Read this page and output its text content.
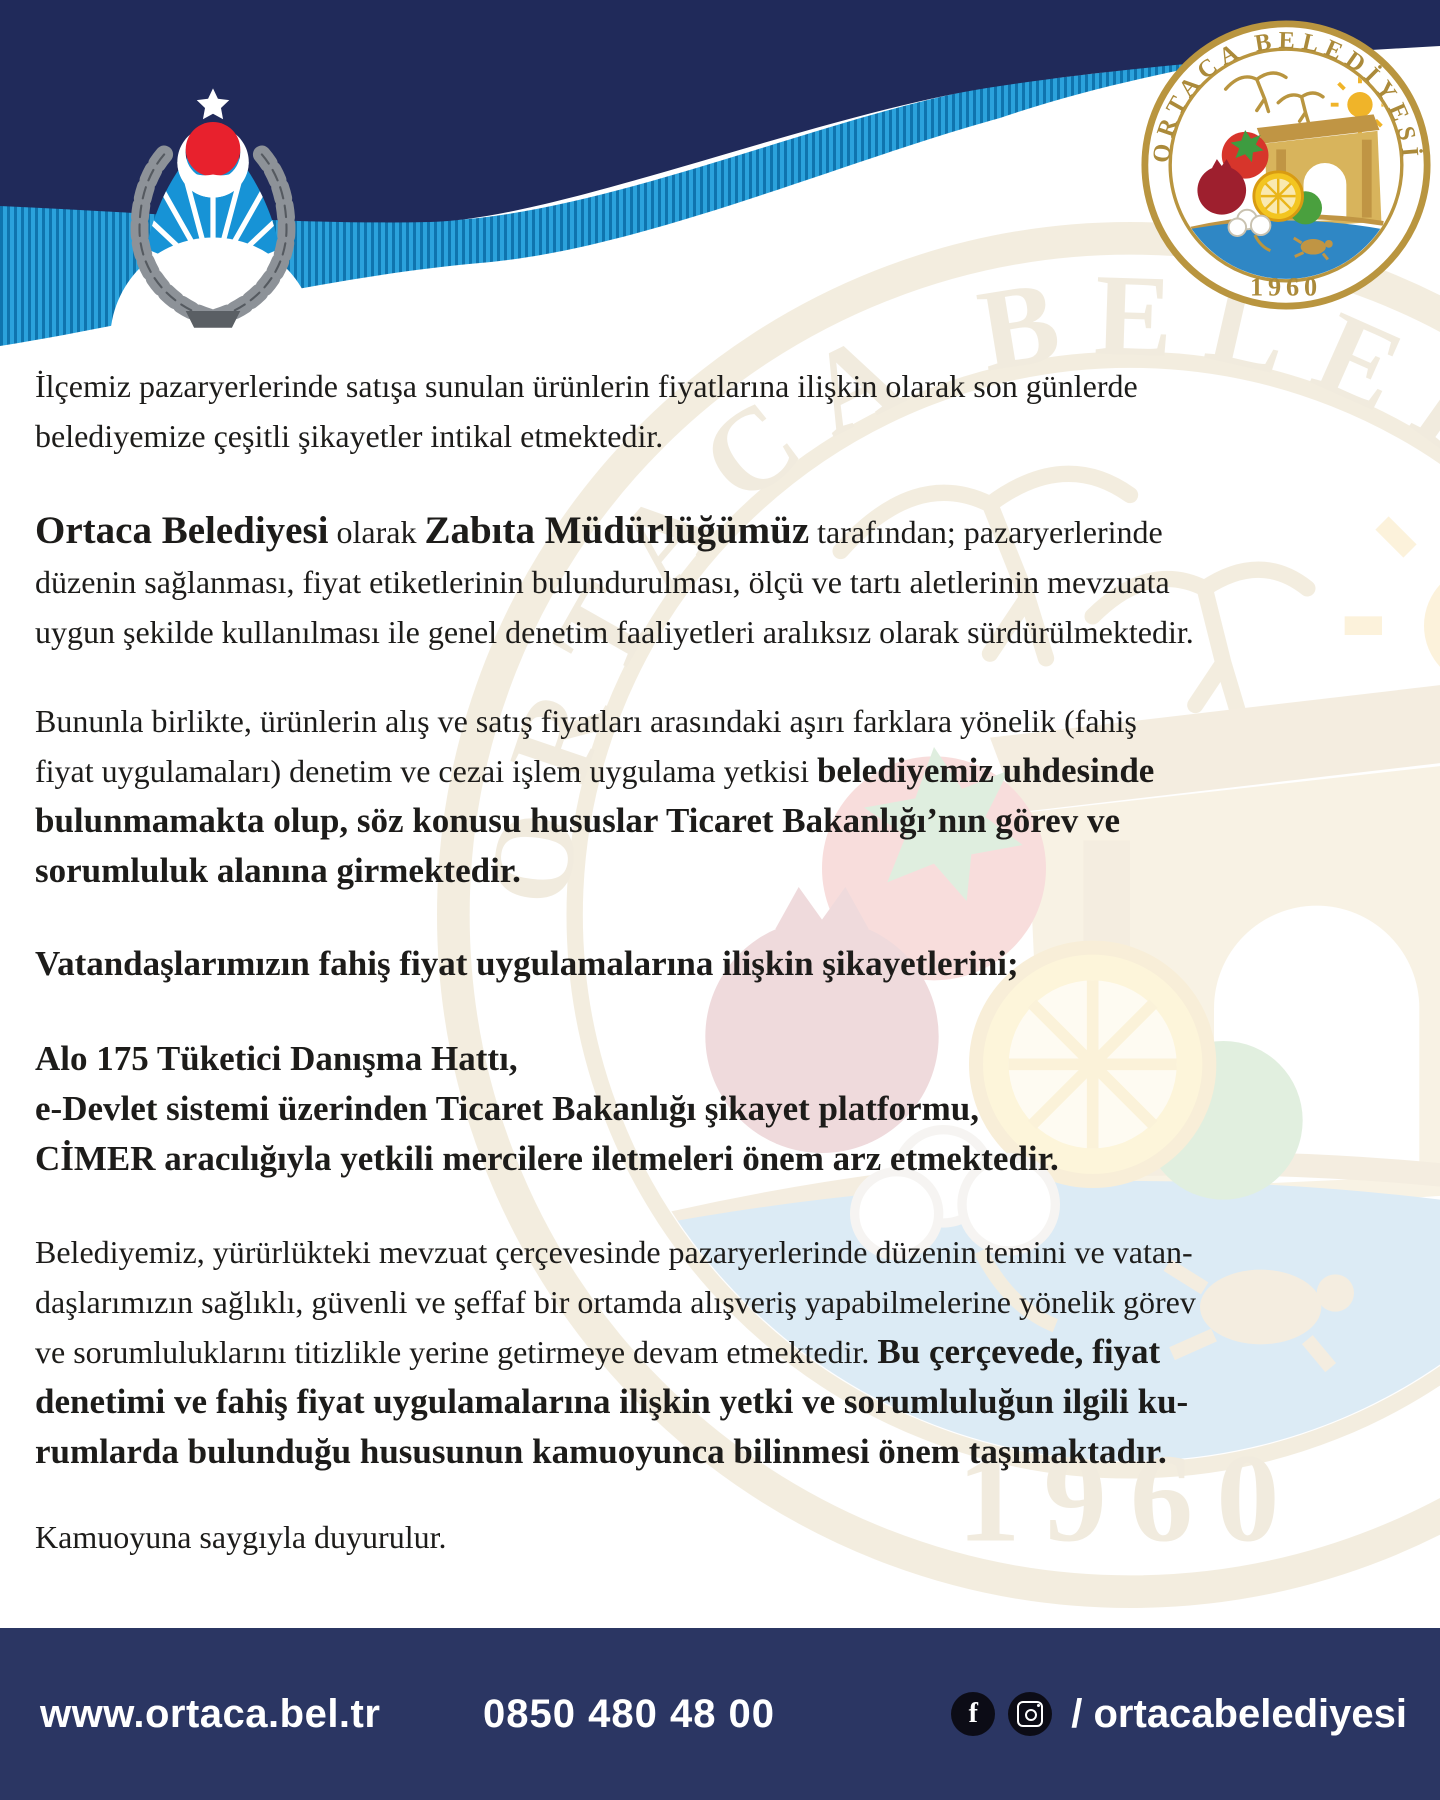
İlçemiz pazaryerlerinde satışa sunulan ürünlerin fiyatlarına ilişkin olarak son günlerde
belediyemize çeşitli şikayetler intikal etmektedir.
Ortaca Belediyesi olarak Zabıta Müdürlüğümüz tarafından; pazaryerlerinde
düzenin sağlanması, fiyat etiketlerinin bulundurulması, ölçü ve tartı aletlerinin mevzuata
uygun şekilde kullanılması ile genel denetim faaliyetleri aralıksız olarak sürdürülmektedir.
Bununla birlikte, ürünlerin alış ve satış fiyatları arasındaki aşırı farklara yönelik (fahiş
fiyat uygulamaları) denetim ve cezai işlem uygulama yetkisi belediyemiz uhdesinde
bulunmamakta olup, söz konusu hususlar Ticaret Bakanlığı’nın görev ve
sorumluluk alanına girmektedir.
Vatandaşlarımızın fahiş fiyat uygulamalarına ilişkin şikayetlerini;
Alo 175 Tüketici Danışma Hattı,
e-Devlet sistemi üzerinden Ticaret Bakanlığı şikayet platformu,
CİMER aracılığıyla yetkili mercilere iletmeleri önem arz etmektedir.
Belediyemiz, yürürlükteki mevzuat çerçevesinde pazaryerlerinde düzenin temini ve vatan-
daşlarımızın sağlıklı, güvenli ve şeffaf bir ortamda alışveriş yapabilmelerine yönelik görev
ve sorumluluklarını titizlikle yerine getirmeye devam etmektedir. Bu çerçevede, fiyat
denetimi ve fahiş fiyat uygulamalarına ilişkin yetki ve sorumluluğun ilgili ku-
rumlarda bulunduğu hususunun kamuoyunca bilinmesi önem taşımaktadır.
Kamuoyuna saygıyla duyurulur.
www.ortaca.bel.tr	0850 480 48 00	f / ortacabelediyesi
